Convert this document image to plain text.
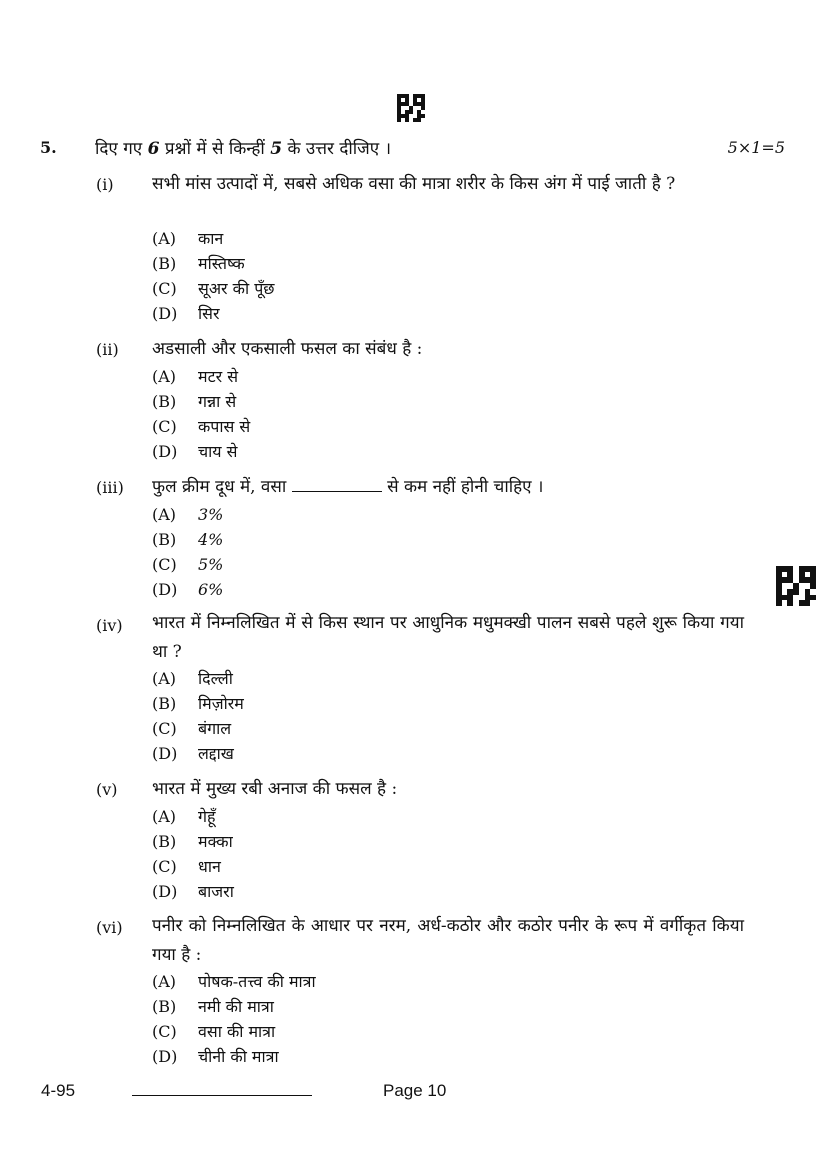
5. दिए गए 6 प्रश्नों में से किन्हीं 5 के उत्तर दीजिए ।	5×1=5
(i) सभी मांस उत्पादों में, सबसे अधिक वसा की मात्रा शरीर के किस अंग में पाई जाती है ?
(A) कान
(B) मस्तिष्क
(C) सूअर की पूँछ
(D) सिर
(ii) अडसाली और एकसाली फसल का संबंध है :
(A) मटर से
(B) गन्ना से
(C) कपास से
(D) चाय से
(iii) फुल क्रीम दूध में, वसा	से कम नहीं होनी चाहिए ।
(A) 3%
(B) 4%
(C) 5%
(D) 6%
(iv) भारत में निम्नलिखित में से किस स्थान पर आधुनिक मधुमक्खी पालन सबसे पहले शुरू किया गया था ?
(A) दिल्ली
(B) मिज़ोरम
(C) बंगाल
(D) लद्दाख
(v) भारत में मुख्य रबी अनाज की फसल है :
(A) गेहूँ
(B) मक्का
(C) धान
(D) बाजरा
(vi) पनीर को निम्नलिखित के आधार पर नरम, अर्ध-कठोर और कठोर पनीर के रूप में वर्गीकृत किया गया है :
(A) पोषक-तत्त्व की मात्रा
(B) नमी की मात्रा
(C) वसा की मात्रा
(D) चीनी की मात्रा
4-95	Page 10
